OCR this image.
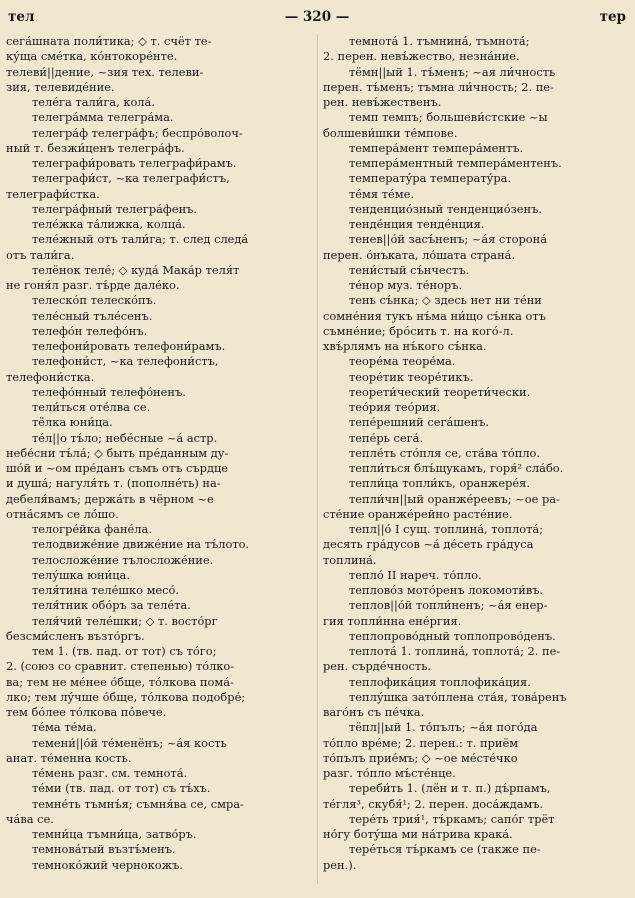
тел	— 320 —	тер
сега́шната поли́тика; ◇ т. счёт те-
ку́ща сме́тка, ко́нтокоре́нте.
телеви́||дение, ~зия тех. телеви-
зия, телевиде́ние.
теле́га тали́га, кола́.
телегра́мма телегра́ма.
телегра́ф телегра́фъ; беспро́волоч-
ный т. безжи́ценъ телегра́фъ.
телеграфи́ровать телеграфи́рамъ.
телеграфи́ст, ~ка телеграфи́стъ,
телеграфи́стка.
телегра́фный телегра́фенъ.
теле́жка та́лижка, колца́.
теле́жный отъ тали́га; т. след следа́
отъ тали́га.
телёнок теле́; ◇ куда́ Мака́р теля́т
не гоня́л разг. тъ́рде дале́ко.
телеско́п телеско́пъ.
теле́сный тъле́сенъ.
телефо́н телефо́нъ.
телефони́ровать телефони́рамъ.
телефони́ст, ~ка телефони́стъ,
телефони́стка.
телефо́нный телефо́ненъ.
тели́ться оте́лва се.
тёлка юни́ца.
те́л||о тъ́ло; небе́сные ~а́ астр.
небе́сни тъ́ла́; ◇ быть пре́данным ду-
шо́й и ~ом пре́данъ съмъ отъ сърдце
и душа́; нагуля́ть т. (пополне́ть) на-
дебеля́вамъ; держа́ть в чёрном ~е
отна́сямъ се ло́шо.
телогре́йка фане́ла.
телодвиже́ние движе́ние на тъ́лото.
телосложе́ние тълосложе́ние.
телу́шка юни́ца.
теля́тина теле́шко месо́.
теля́тник обо́ръ за теле́та.
теля́чий теле́шки; ◇ т. восто́рг
безсми́сленъ възто́ргъ.
тем 1. (тв. пад. от тот) съ то́го;
2. (союз со сравнит. степенью) то́лко-
ва; тем не ме́нее о́бще, то́лкова пома́-
лко; тем лу́чше о́бще, то́лкова подобре́;
тем бо́лее то́лкова по́вече.
те́ма те́ма.
темени́||о́й те́менёнъ; ~а́я кость
анат. те́менна кость.
те́мень разг. см. темнота́.
те́ми (тв. пад. от тот) съ тъ́хъ.
темне́ть тъмнъ́я; съмня́ва се, смра-
ча́ва се.
темни́ца тъмни́ца, затво́ръ.
темнова́тый възтъ́менъ.
темноко́жий чернокожъ.
темнота́ 1. тъмнина́, тъмнота́;
2. перен. невъ́жество, незна́ние.
тёмн||ый 1. тъ́менъ; ~ая ли́чность
перен. тъ́менъ; тъмна ли́чность; 2. пе-
рен. невъ́жественъ.
темп темпъ; большеви́стские ~ы
болшеви́шки те́мпове.
темпера́мент темпера́ментъ.
темпера́ментный темпера́ментенъ.
температу́ра температу́ра.
те́мя те́ме.
тенденцио́зный тенденцио́зенъ.
тенде́нция тенде́нция.
тенев||о́й засъ́ненъ; ~а́я сторона́
перен. о́нъката, ло́шата страна́.
тени́стый съ́нчестъ.
те́нор муз. те́норъ.
тень съ́нка; ◇ здесь нет ни те́ни
сомне́ния тукъ нъ́ма ни́що съ́нка отъ
съмне́ние; бро́сить т. на кого́-л.
хвъ́рлямъ на нъ́кого съ́нка.
теоре́ма теоре́ма.
теоре́тик теоре́тикъ.
теорети́ческий теорети́чески.
тео́рия тео́рия.
тепе́решний сега́шенъ.
тепе́рь сега́.
тепле́ть сто́пля се, ста́ва то́пло.
тепли́ться блъ́щукамъ, горя́² сла́бо.
тепли́ца топли́къ, оранжере́я.
тепли́чн||ый оранже́реевъ; ~ое ра-
сте́ние оранже́рейно расте́ние.
тепл||о́ I сущ. топлина́, топлота́;
десять гра́дусов ~а́ де́сеть гра́дуса
топлина́.
тепло́ II нареч. то́пло.
теплово́з мото́ренъ локомоти́въ.
теплов||о́й топли́ненъ; ~а́я енер-
гия топли́нна ене́ргия.
теплопрово́дный топлопрово́денъ.
теплота́ 1. топлина́, топлота́; 2. пе-
рен. сърде́чность.
теплофика́ция топлофика́ция.
теплу́шка зато́плена ста́я, това́ренъ
ваго́нъ съ пе́чка.
тёпл||ый 1. то́пълъ; ~а́я пого́да
то́пло вре́ме; 2. перен.: т. приём
то́пълъ прие́мъ; ◇ ~ое ме́сте́чко
разг. то́пло мъ́сте́нце.
тереби́ть 1. (лён и т. п.) дъ́рпамъ,
те́гля³, скубя́¹; 2. перен. доса́ждамъ.
тере́ть трия́¹, тъ́ркамъ; сапо́г трёт
но́гу боту́ша ми на́трива крака́.
тере́ться тъ́ркамъ се (также пе-
рен.).
